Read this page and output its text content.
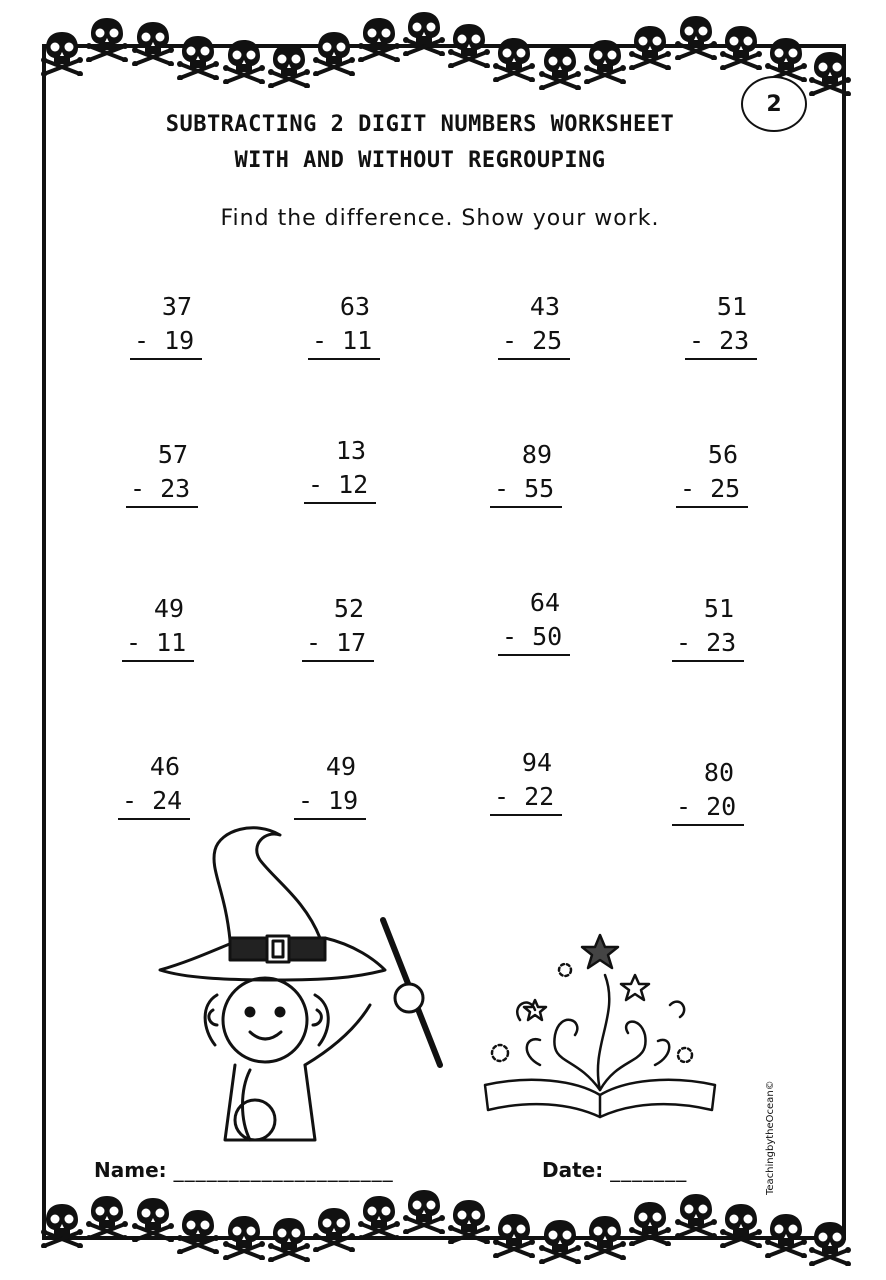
2
SUBTRACTING 2 DIGIT NUMBERS WORKSHEET
WITH AND WITHOUT REGROUPING
Find the difference. Show your work.
37
- 19
63
- 11
43
- 25
51
- 23
57
- 23
13
- 12
89
- 55
56
- 25
49
- 11
52
- 17
64
- 50
51
- 23
46
- 24
49
- 19
94
- 22
80
- 20
Name: ____________________	Date: _______	TeachingbytheOcean©
